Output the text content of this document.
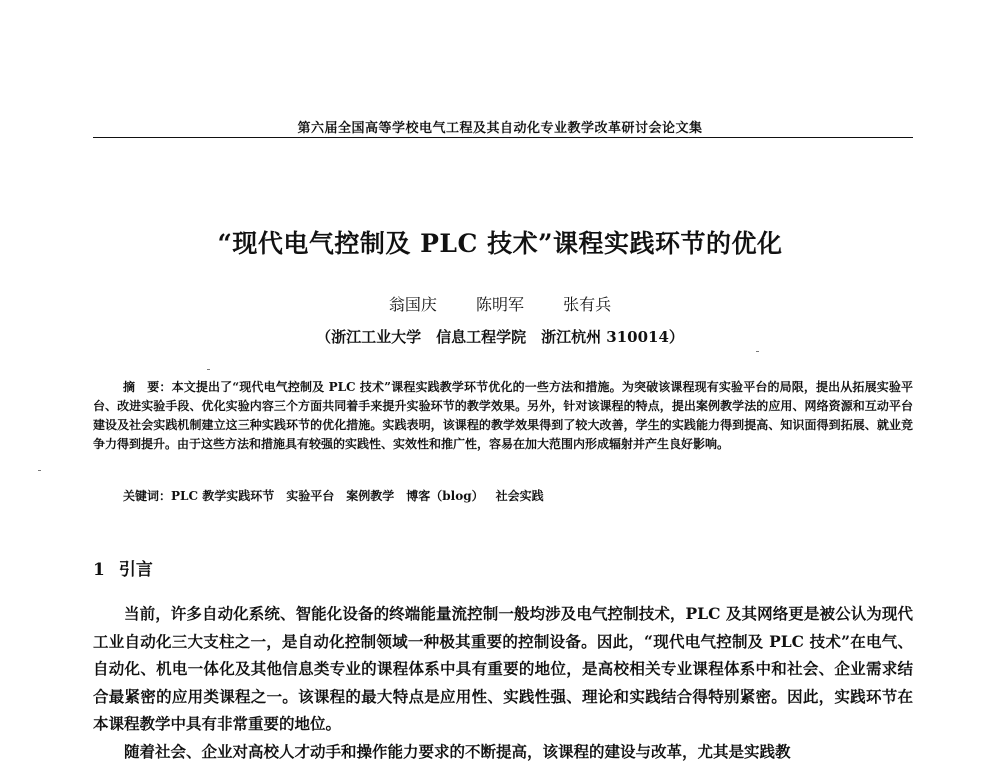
第六届全国高等学校电气工程及其自动化专业教学改革研讨会论文集
“现代电气控制及 PLC 技术”课程实践环节的优化
翁国庆 陈明军 张有兵
（浙江工业大学　信息工程学院　浙江杭州 310014）
摘　要：本文提出了“现代电气控制及 PLC 技术”课程实践教学环节优化的一些方法和措施。为突破该课程现有实验平台的局限，提出从拓展实验平台、改进实验手段、优化实验内容三个方面共同着手来提升实验环节的教学效果。另外，针对该课程的特点，提出案例教学法的应用、网络资源和互动平台建设及社会实践机制建立这三种实践环节的优化措施。实践表明，该课程的教学效果得到了较大改善，学生的实践能力得到提高、知识面得到拓展、就业竞争力得到提升。由于这些方法和措施具有较强的实践性、实效性和推广性，容易在加大范围内形成辐射并产生良好影响。
关键词：PLC 教学实践环节 实验平台 案例教学 博客（blog） 社会实践
1 引言

当前，许多自动化系统、智能化设备的终端能量流控制一般均涉及电气控制技术，PLC 及其网络更是被公认为现代工业自动化三大支柱之一，是自动化控制领域一种极其重要的控制设备。因此，“现代电气控制及 PLC 技术”在电气、自动化、机电一体化及其他信息类专业的课程体系中具有重要的地位，是高校相关专业课程体系中和社会、企业需求结合最紧密的应用类课程之一。该课程的最大特点是应用性、实践性强、理论和实践结合得特别紧密。因此，实践环节在本课程教学中具有非常重要的地位。

随着社会、企业对高校人才动手和操作能力要求的不断提高，该课程的建设与改革，尤其是实践教
